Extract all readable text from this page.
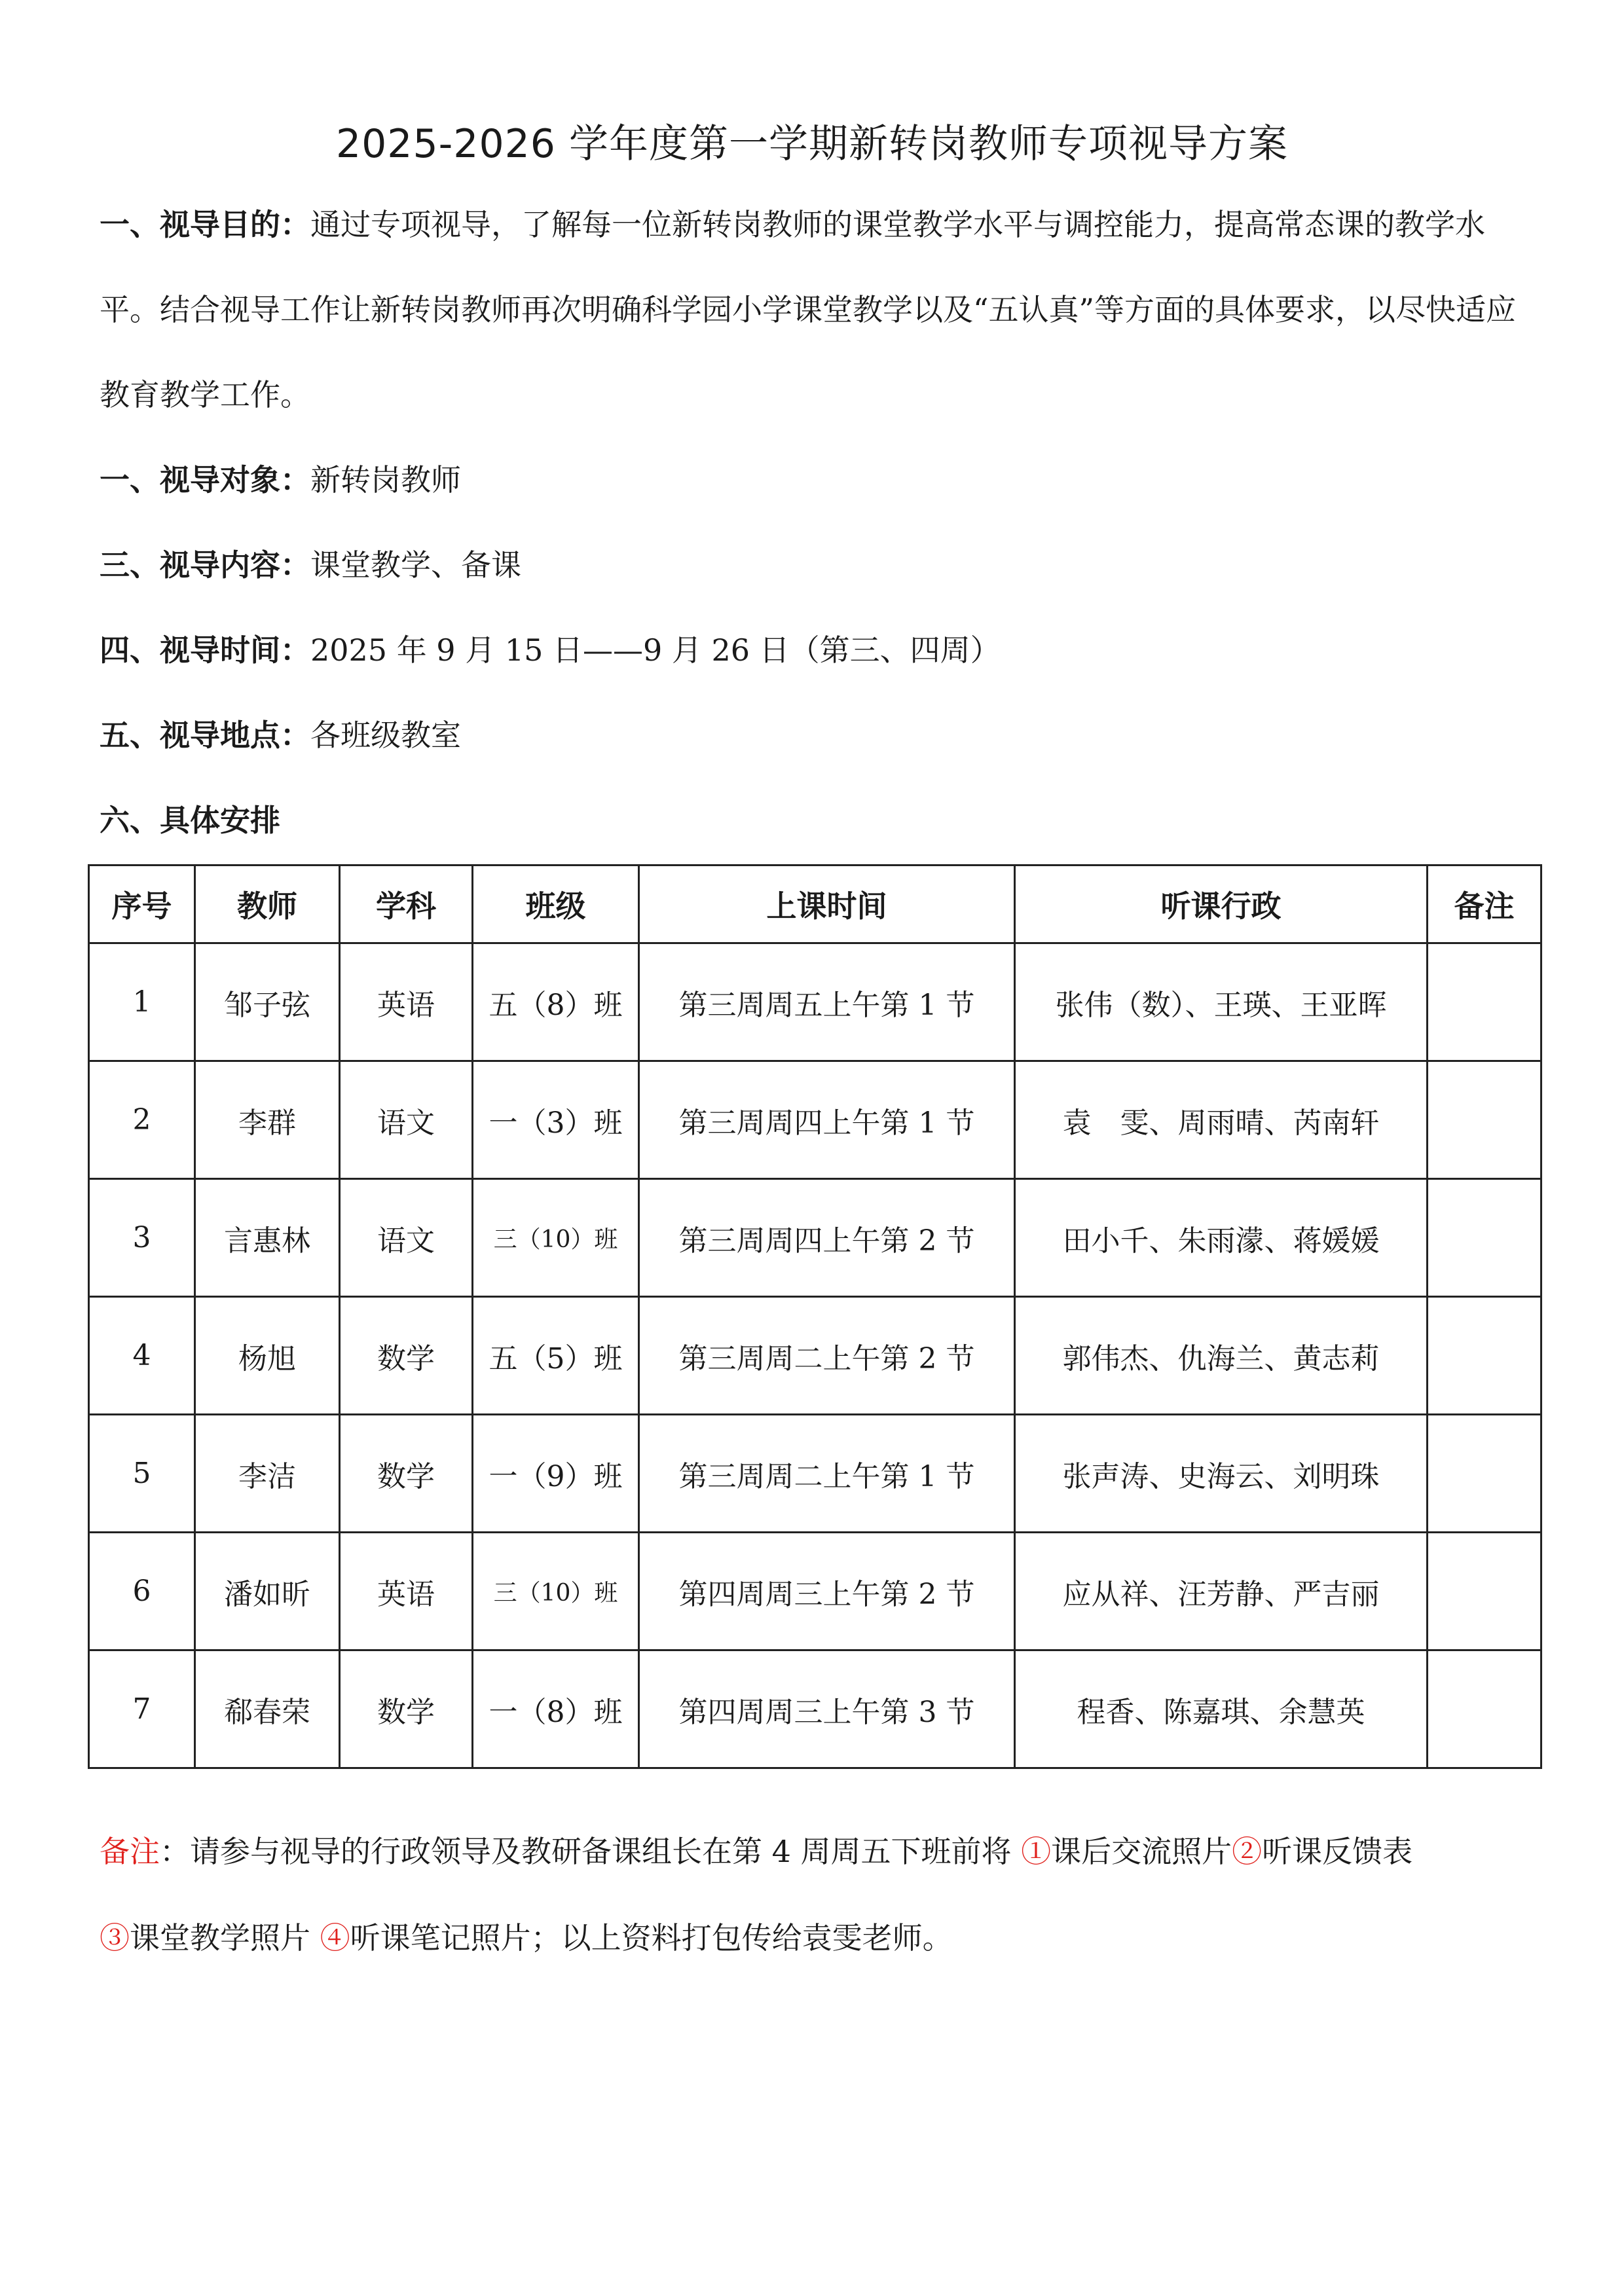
2025-2026 学年度第一学期新转岗教师专项视导方案
一、视导目的：通过专项视导，了解每一位新转岗教师的课堂教学水平与调控能力，提高常态课的教学水平。结合视导工作让新转岗教师再次明确科学园小学课堂教学以及“五认真”等方面的具体要求，以尽快适应教育教学工作。
一、视导对象：新转岗教师
三、视导内容：课堂教学、备课
四、视导时间：2025 年 9 月 15 日——9 月 26 日（第三、四周）
五、视导地点：各班级教室
六、具体安排
序号	教师	学科	班级	上课时间	听课行政	备注
1	邹子弦	英语	五（8）班	第三周周五上午第 1 节	张伟（数）、王瑛、王亚晖	
2	李群	语文	一（3）班	第三周周四上午第 1 节	袁　雯、周雨晴、芮南轩	
3	言惠林	语文	三（10）班	第三周周四上午第 2 节	田小千、朱雨濛、蒋媛媛	
4	杨旭	数学	五（5）班	第三周周二上午第 2 节	郭伟杰、仇海兰、黄志莉	
5	李洁	数学	一（9）班	第三周周二上午第 1 节	张声涛、史海云、刘明珠	
6	潘如昕	英语	三（10）班	第四周周三上午第 2 节	应从祥、汪芳静、严吉丽	
7	郗春荣	数学	一（8）班	第四周周三上午第 3 节	程香、陈嘉琪、余慧英	
备注：请参与视导的行政领导及教研备课组长在第 4 周周五下班前将 ①课后交流照片②听课反馈表
③课堂教学照片 ④听课笔记照片；以上资料打包传给袁雯老师。
